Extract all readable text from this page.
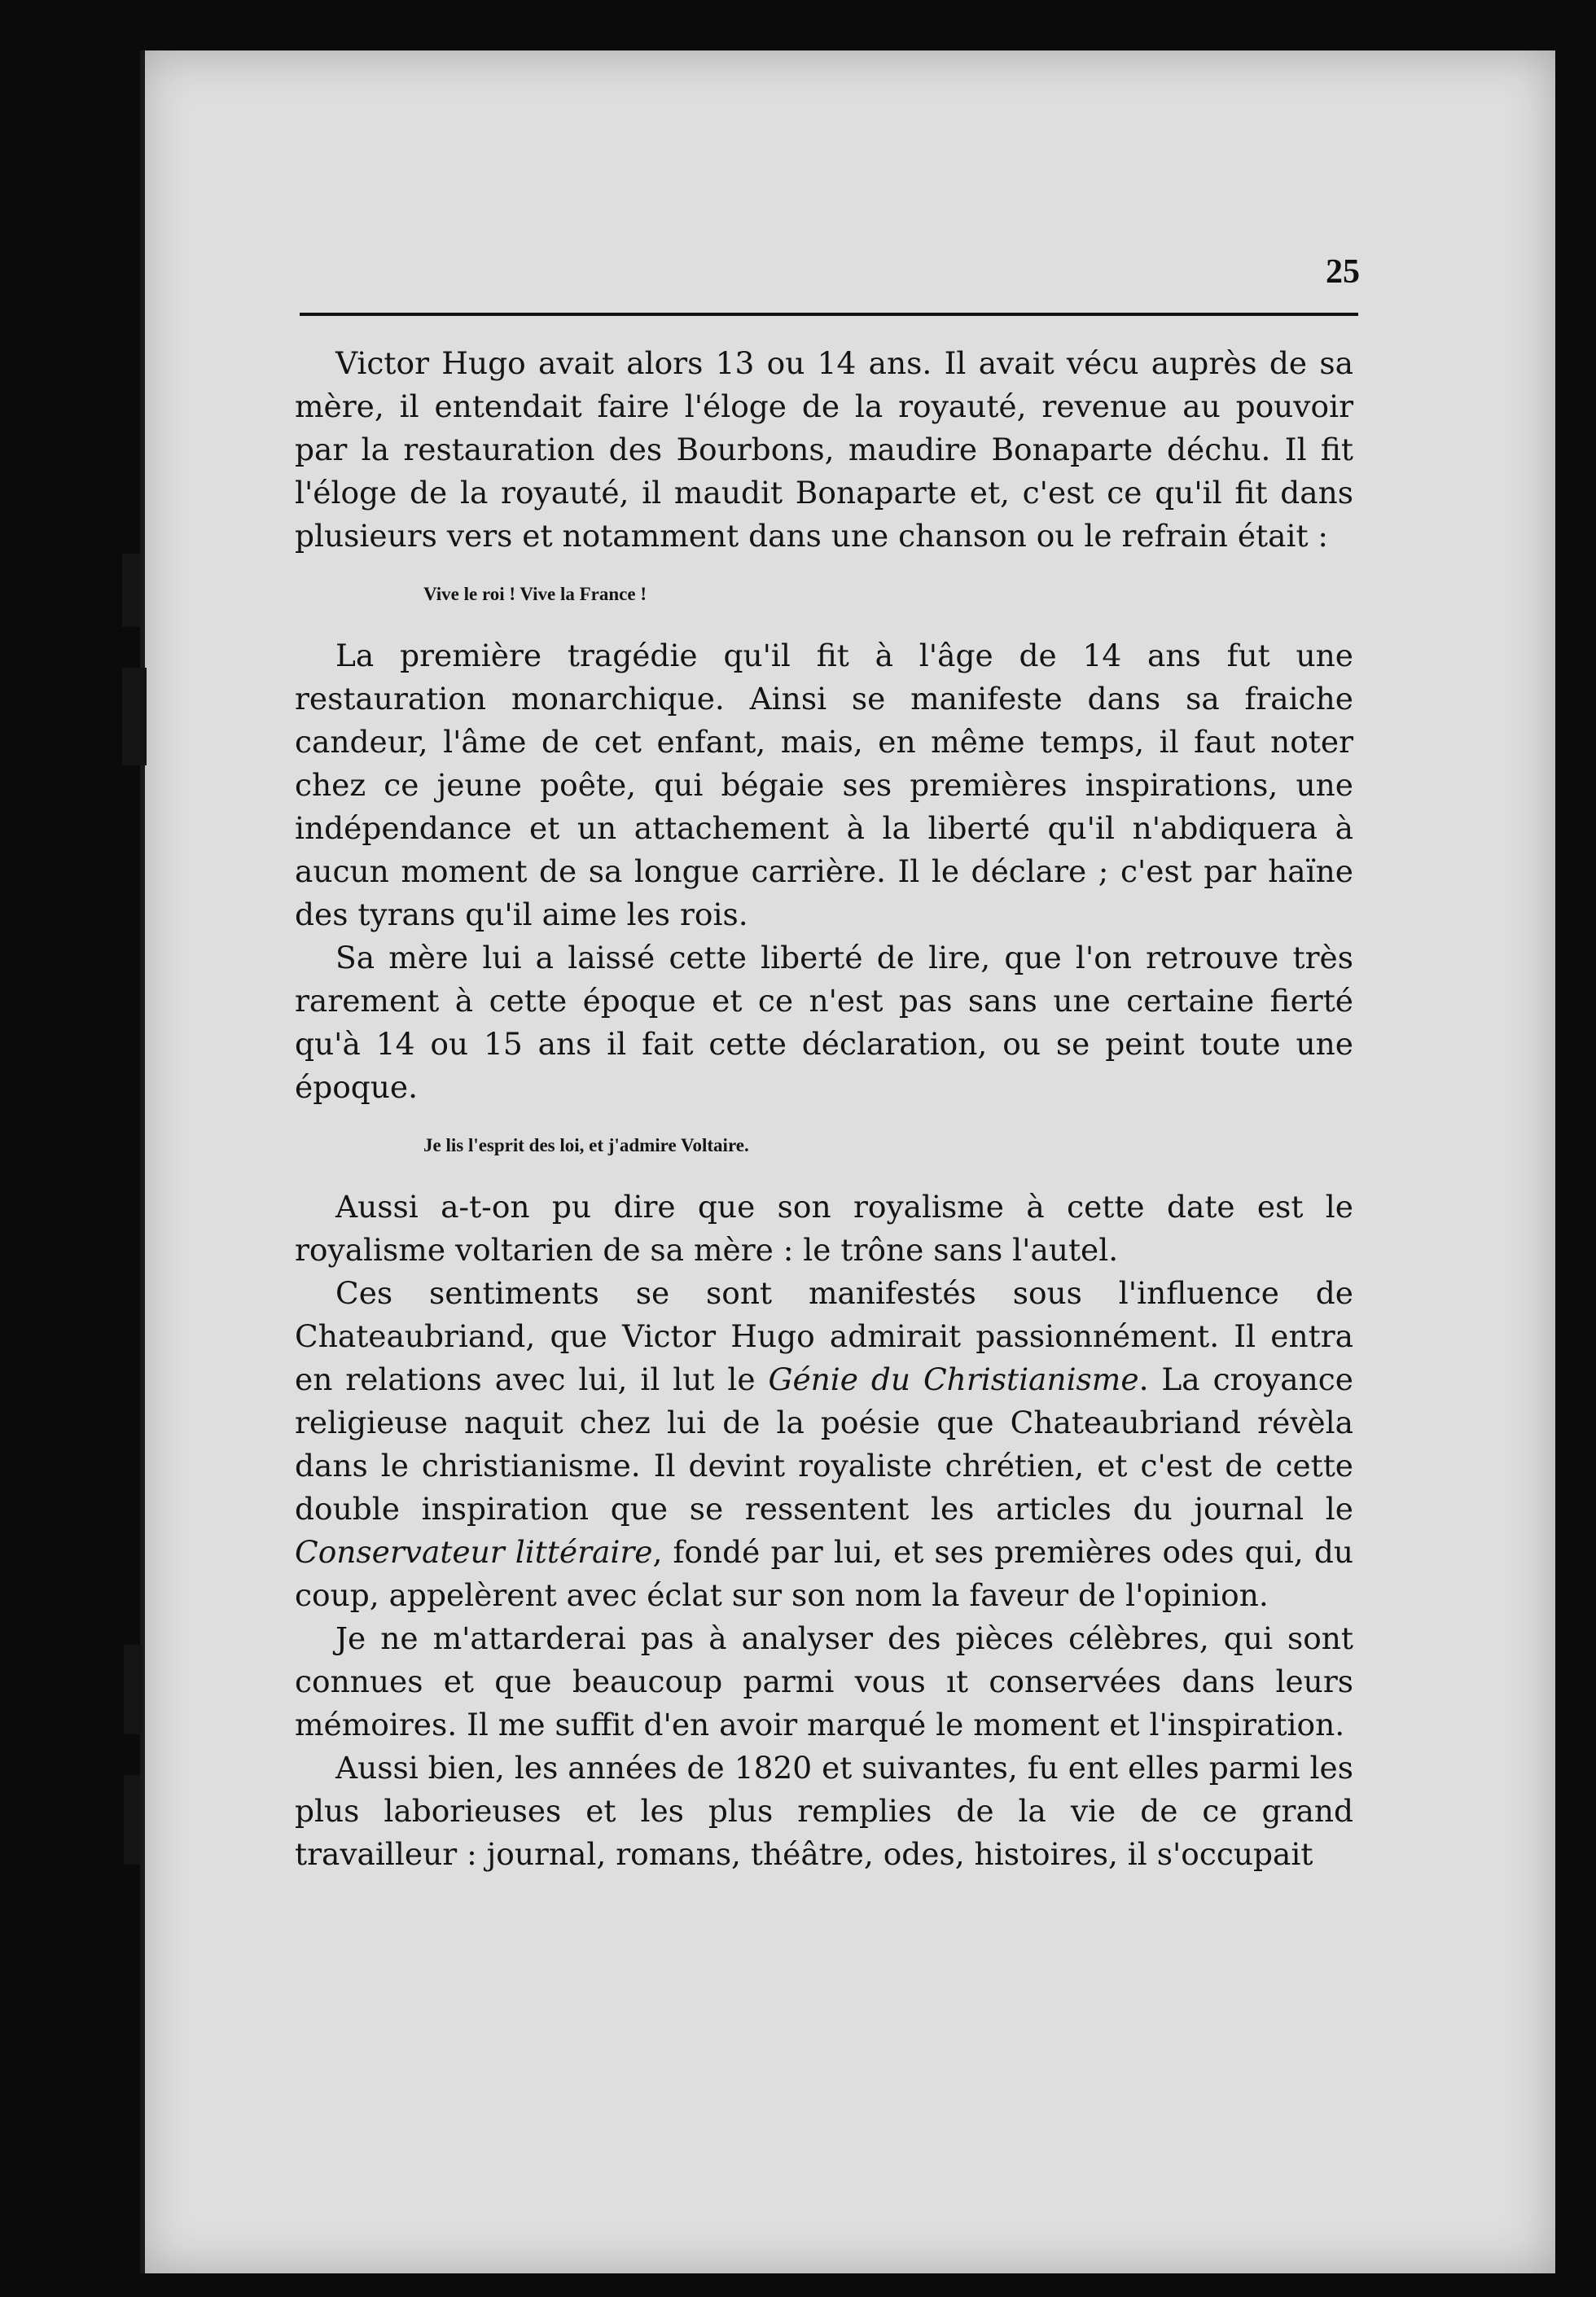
25

Victor Hugo avait alors 13 ou 14 ans. Il avait vécu auprès de sa mère, il entendait faire l'éloge de la royauté, revenue au pouvoir par la restauration des Bourbons, maudire Bonaparte déchu. Il fit l'éloge de la royauté, il maudit Bonaparte et, c'est ce qu'il fit dans plusieurs vers et notamment dans une chanson ou le refrain était :

Vive le roi ! Vive la France !

La première tragédie qu'il fit à l'âge de 14 ans fut une restauration monarchique. Ainsi se manifeste dans sa fraiche candeur, l'âme de cet enfant, mais, en même temps, il faut noter chez ce jeune poête, qui bégaie ses premières inspirations, une indépendance et un attachement à la liberté qu'il n'abdiquera à aucun moment de sa longue carrière. Il le déclare ; c'est par haïne des tyrans qu'il aime les rois.

Sa mère lui a laissé cette liberté de lire, que l'on retrouve très rarement à cette époque et ce n'est pas sans une certaine fierté qu'à 14 ou 15 ans il fait cette déclaration, ou se peint toute une époque.

Je lis l'esprit des loi, et j'admire Voltaire.

Aussi a-t-on pu dire que son royalisme à cette date est le royalisme voltarien de sa mère : le trône sans l'autel.

Ces sentiments se sont manifestés sous l'influence de Chateaubriand, que Victor Hugo admirait passionnément. Il entra en relations avec lui, il lut le Génie du Christianisme. La croyance religieuse naquit chez lui de la poésie que Chateaubriand révèla dans le christianisme. Il devint royaliste chrétien, et c'est de cette double inspiration que se ressentent les articles du journal le Conservateur littéraire, fondé par lui, et ses premières odes qui, du coup, appelèrent avec éclat sur son nom la faveur de l'opinion.

Je ne m'attarderai pas à analyser des pièces célèbres, qui sont connues et que beaucoup parmi vous ıt conservées dans leurs mémoires. Il me suffit d'en avoir marqué le moment et l'inspiration.

Aussi bien, les années de 1820 et suivantes, fu ent elles parmi les plus laborieuses et les plus remplies de la vie de ce grand travailleur : journal, romans, théâtre, odes, histoires, il s'occupait
